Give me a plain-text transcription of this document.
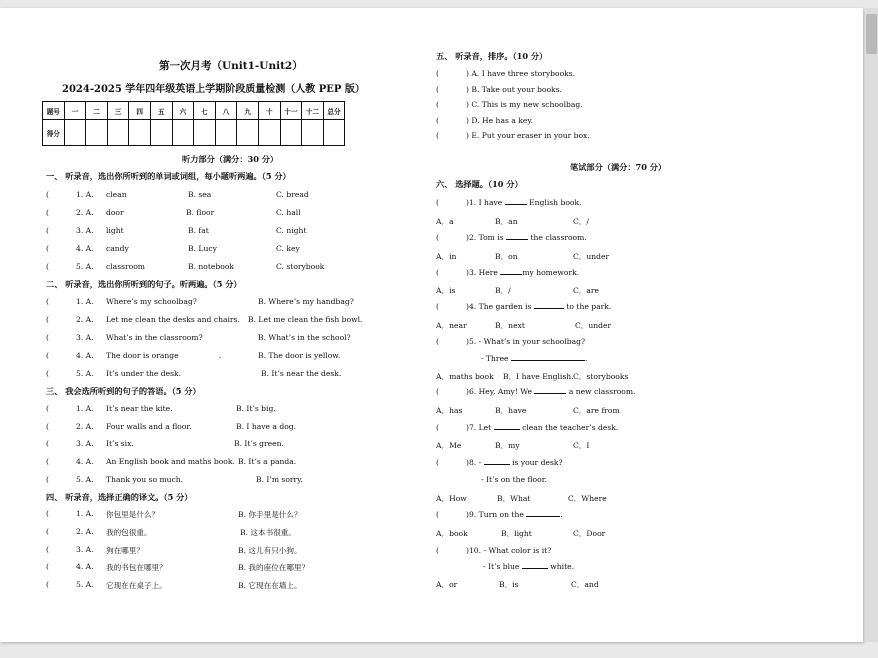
第一次月考（Unit1-Unit2）
2024-2025 学年四年级英语上学期阶段质量检测（人教 PEP 版）
题号	一	二	三	四	五	六	七	八	九	十	十一	十二	总分
得分													
听力部分（满分：30 分）
一、 听录音，选出你所听到的单词或词组，每小题听两遍。（5 分）
(	1. A. clean	B. sea	C. bread
(	2. A. door	B. floor	C. hall
(	3. A. light	B. fat	C. night
(	4. A. candy	B. Lucy	C. key
(	5. A. classroom	B. notebook	C. storybook
二、 听录音，选出你所听到的句子。听两遍。（5 分）
(	1. A. Where’s my schoolbag?	B. Where’s my handbag?
(	2. A. Let me clean the desks and chairs. B. Let me clean the fish bowl.
(	3. A. What’s in the classroom?	B. What’s in the school?
(	4. A. The door is orange	.	B. The door is yellow.
(	5. A. It’s under the desk.	B. It’s near the desk.
三、 我会选所听到的句子的答语。（5 分）
(	1. A. It’s near the kite.	B. It’s big.
(	2. A. Four walls and a floor.	B. I have a dog.
(	3. A. It’s six.	B. It’s green.
(	4. A. An English book and maths book. B. It’s a panda.
(	5. A. Thank you so much.	B. I’m sorry.
四、 听录音，选择正确的译文。（5 分）
(	1. A. 你包里是什么？	B. 你手里是什么？
(	2. A. 我的包很重。	B. 这本书很重。
(	3. A. 狗在哪里？	B. 这儿有只小狗。
(	4. A. 我的书包在哪里？	B. 我的座位在哪里？
(	5. A. 它现在在桌子上。	B. 它现在在墙上。
五、 听录音，排序。（10 分）
(	) A. I have three storybooks.
(	) B. Take out your books.
(	) C. This is my new schoolbag.
(	) D. He has a key.
(	) E. Put your eraser in your box.
笔试部分（满分：70 分）
六、 选择题。（10 分）
(	)1. I have	English book.
A．a	B．an	C．/
(	)2. Tom is	the classroom.
A．in	B．on	C．under
(	)3. Here	my homework.
A．is	B．/	C．are
(	)4. The garden is	to the park.
A．near	B．next	C．under
(	)5. - What’s in your schoolbag?
- Three	.
A．maths book B．I have English. C．storybooks
(	)6. Hey, Amy! We	a new classroom.
A．has	B．have	C．are from
(	)7. Let	clean the teacher’s desk.
A．Me	B．my	C．I
(	)8. -	is your desk?
- It’s on the floor.
A．How	B．What	C．Where
(	)9. Turn on the	.
A．book	B．light	C．Door
(	)10. - What color is it?
- It’s blue	white.
A．or	B．is	C．and
